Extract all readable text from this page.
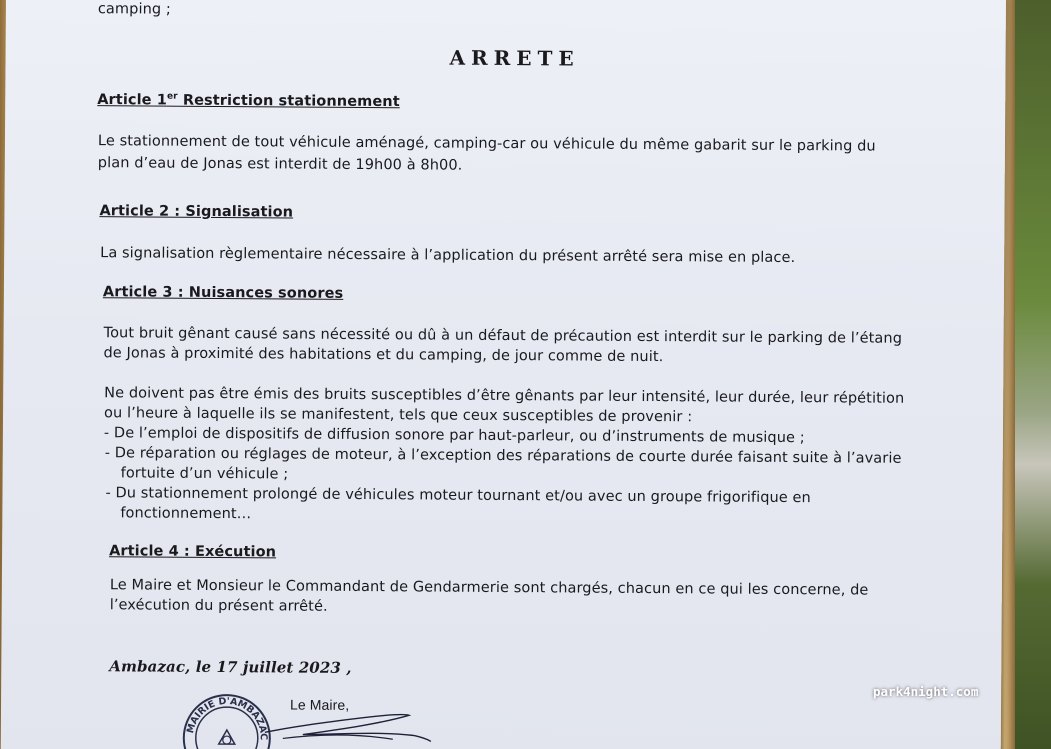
camping ;
ARRETE
Article 1er Restriction stationnement
Le stationnement de tout véhicule aménagé, camping-car ou véhicule du même gabarit sur le parking du
plan d’eau de Jonas est interdit de 19h00 à 8h00.
Article 2 : Signalisation
La signalisation règlementaire nécessaire à l’application du présent arrêté sera mise en place.
Article 3 : Nuisances sonores
Tout bruit gênant causé sans nécessité ou dû à un défaut de précaution est interdit sur le parking de l’étang
de Jonas à proximité des habitations et du camping, de jour comme de nuit.
Ne doivent pas être émis des bruits susceptibles d’être gênants par leur intensité, leur durée, leur répétition
ou l’heure à laquelle ils se manifestent, tels que ceux susceptibles de provenir :
- De l’emploi de dispositifs de diffusion sonore par haut-parleur, ou d’instruments de musique ;
- De réparation ou réglages de moteur, à l’exception des réparations de courte durée faisant suite à l’avarie
fortuite d’un véhicule ;
- Du stationnement prolongé de véhicules moteur tournant et/ou avec un groupe frigorifique en
fonctionnement…
Article 4 : Exécution
Le Maire et Monsieur le Commandant de Gendarmerie sont chargés, chacun en ce qui les concerne, de
l’exécution du présent arrêté.
Ambazac, le 17 juillet 2023 ,
Le Maire,
MAIRIE D'AMBAZAC
park4night.com
